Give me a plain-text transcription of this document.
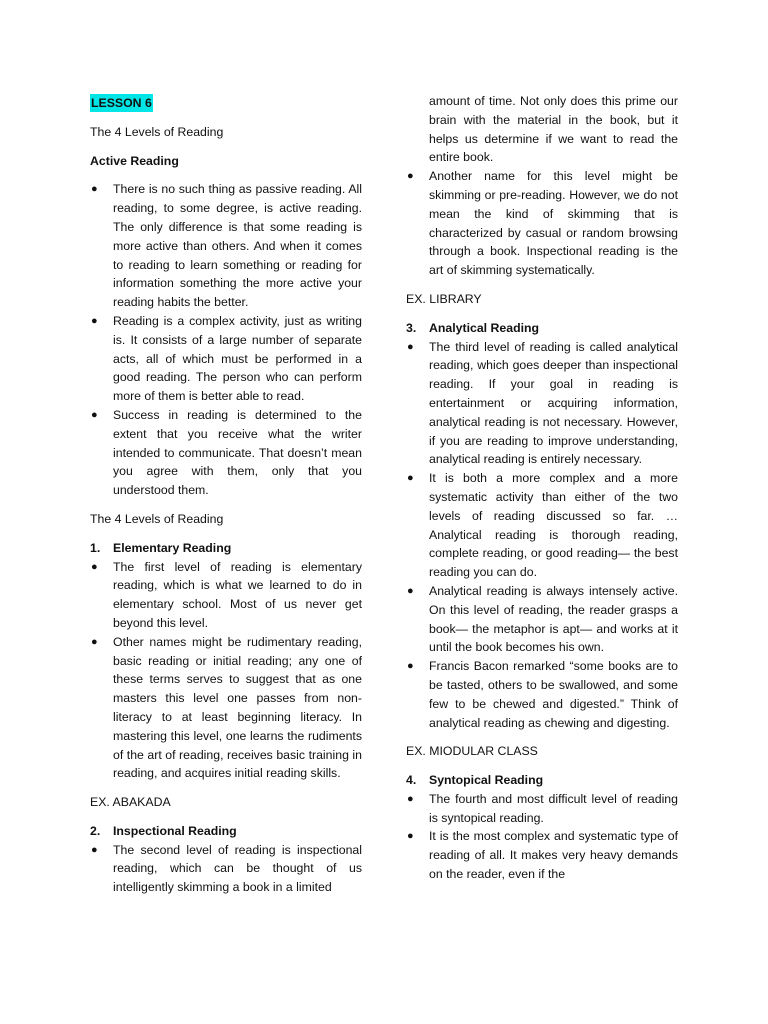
LESSON 6
The 4 Levels of Reading
Active Reading
● There is no such thing as passive reading. All reading, to some degree, is active reading. The only difference is that some reading is more active than others. And when it comes to reading to learn something or reading for information something the more active your reading habits the better.
● Reading is a complex activity, just as writing is. It consists of a large number of separate acts, all of which must be performed in a good reading. The person who can perform more of them is better able to read.
● Success in reading is determined to the extent that you receive what the writer intended to communicate. That doesn’t mean you agree with them, only that you understood them.
The 4 Levels of Reading
1. Elementary Reading
● The first level of reading is elementary reading, which is what we learned to do in elementary school. Most of us never get beyond this level.
● Other names might be rudimentary reading, basic reading or initial reading; any one of these terms serves to suggest that as one masters this level one passes from non-literacy to at least beginning literacy. In mastering this level, one learns the rudiments of the art of reading, receives basic training in reading, and acquires initial reading skills.
EX. ABAKADA
2. Inspectional Reading
● The second level of reading is inspectional reading, which can be thought of us intelligently skimming a book in a limited
amount of time. Not only does this prime our brain with the material in the book, but it helps us determine if we want to read the entire book.
● Another name for this level might be skimming or pre-reading. However, we do not mean the kind of skimming that is characterized by casual or random browsing through a book. Inspectional reading is the art of skimming systematically.
EX. LIBRARY
3. Analytical Reading
● The third level of reading is called analytical reading, which goes deeper than inspectional reading. If your goal in reading is entertainment or acquiring information, analytical reading is not necessary. However, if you are reading to improve understanding, analytical reading is entirely necessary.
● It is both a more complex and a more systematic activity than either of the two levels of reading discussed so far. … Analytical reading is thorough reading, complete reading, or good reading— the best reading you can do.
● Analytical reading is always intensely active. On this level of reading, the reader grasps a book— the metaphor is apt— and works at it until the book becomes his own.
● Francis Bacon remarked “some books are to be tasted, others to be swallowed, and some few to be chewed and digested.” Think of analytical reading as chewing and digesting.
EX. MIODULAR CLASS
4. Syntopical Reading
● The fourth and most difficult level of reading is syntopical reading.
● It is the most complex and systematic type of reading of all. It makes very heavy demands on the reader, even if the
